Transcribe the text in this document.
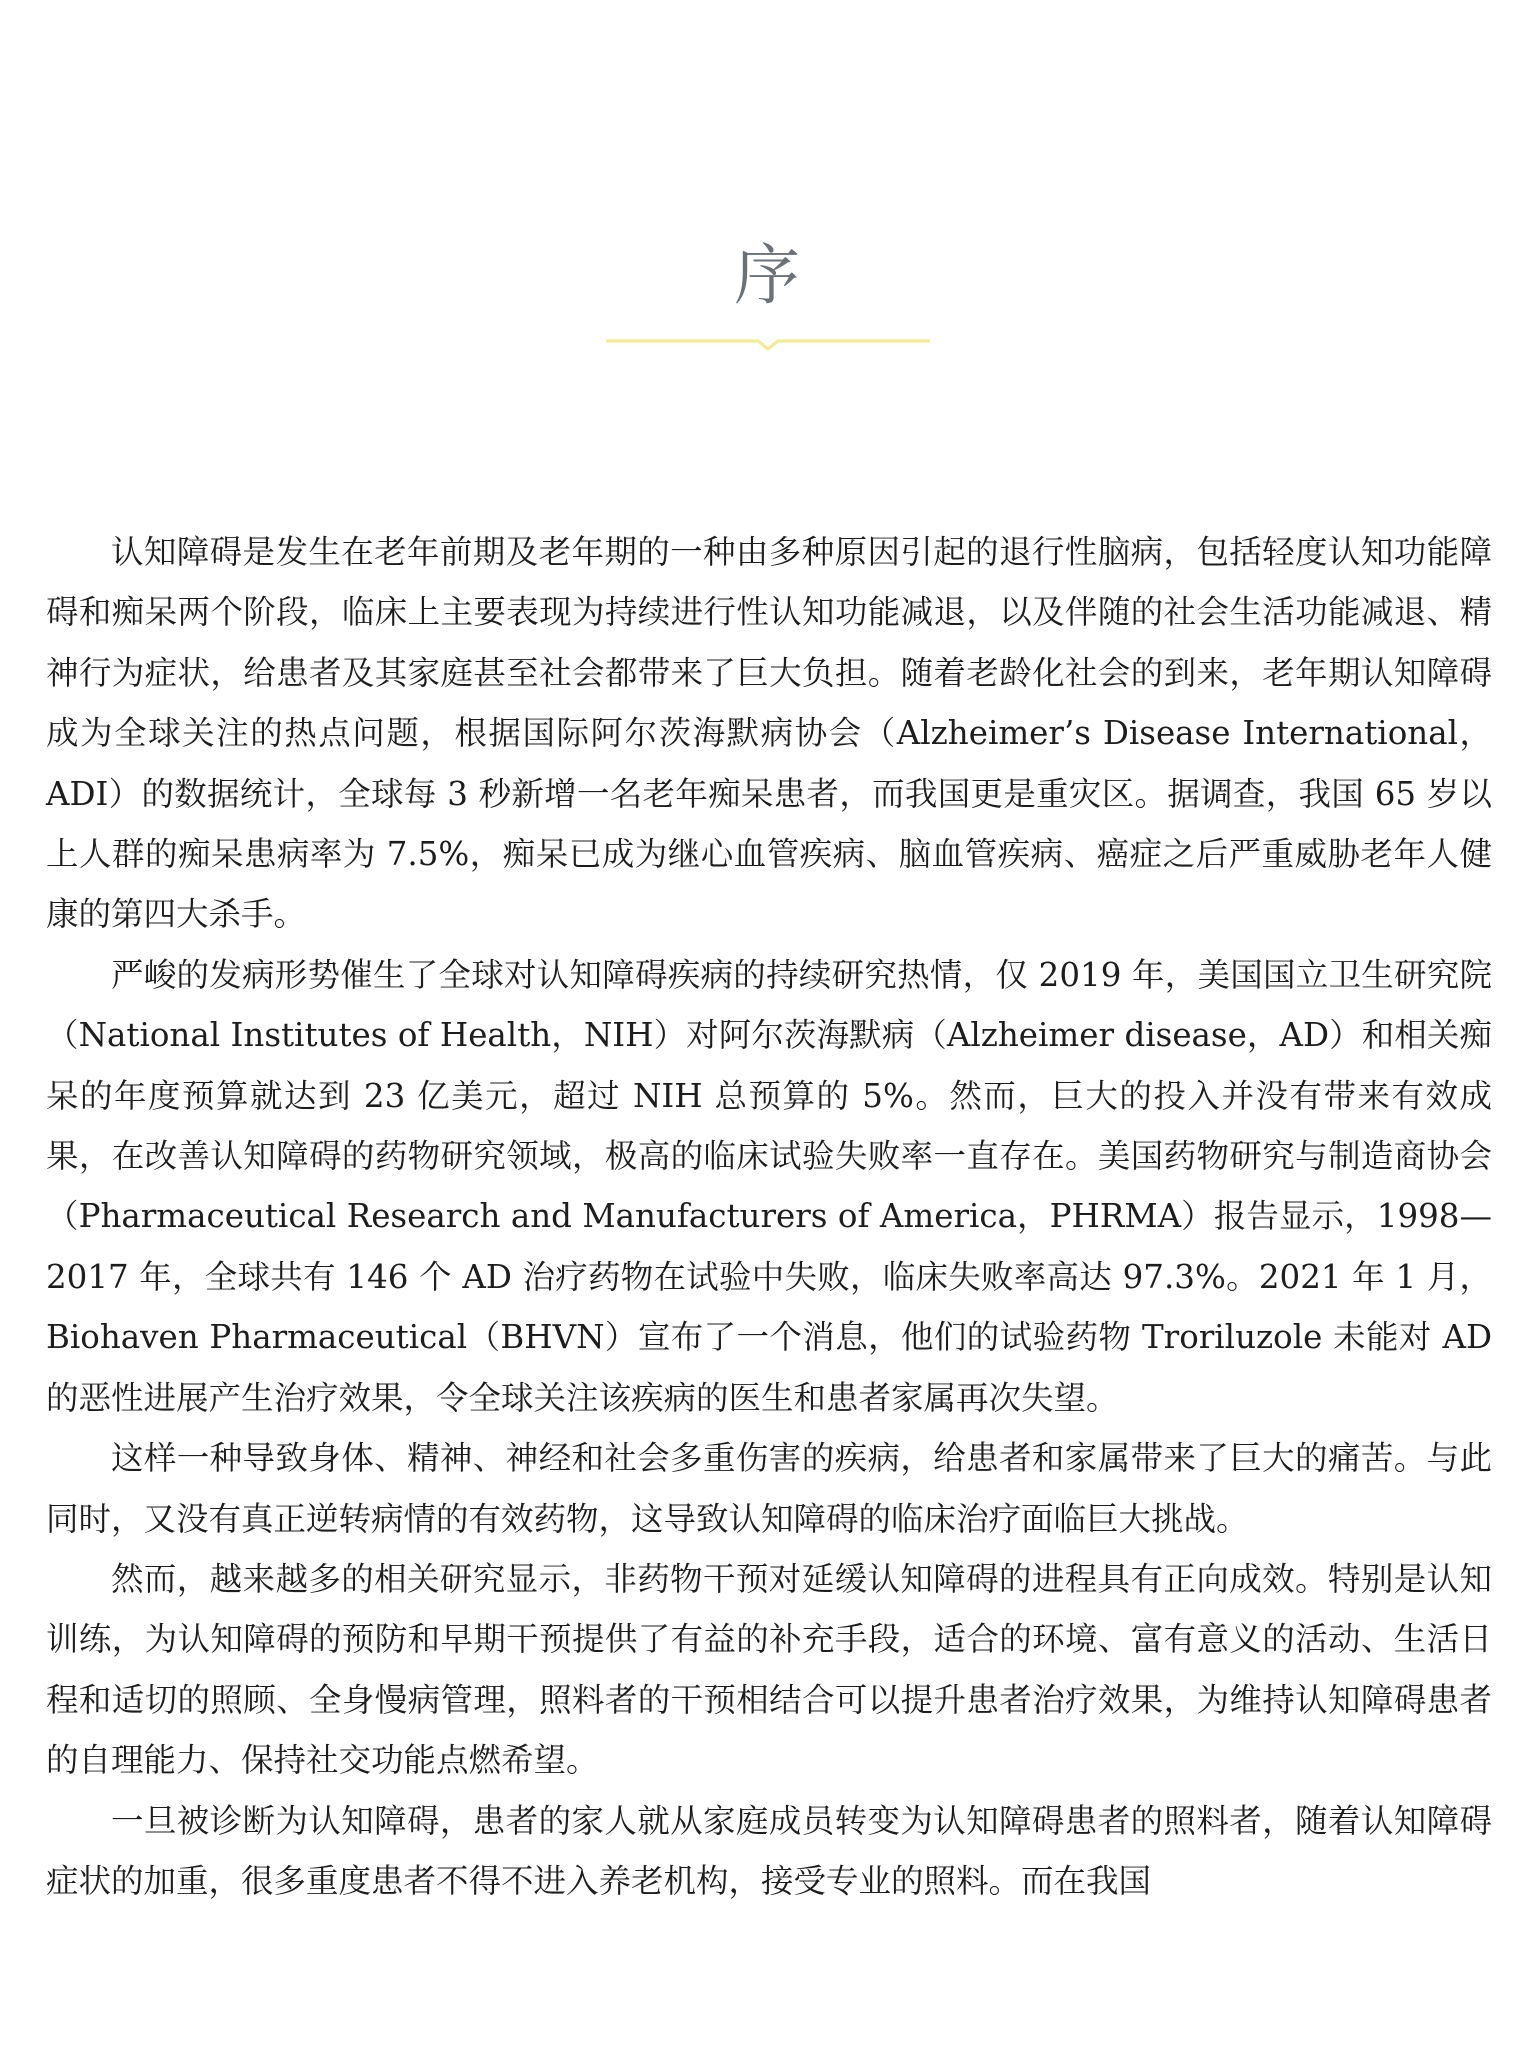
序

认知障碍是发生在老年前期及老年期的一种由多种原因引起的退行性脑病，包括轻度认知功能障碍和痴呆两个阶段，临床上主要表现为持续进行性认知功能减退，以及伴随的社会生活功能减退、精神行为症状，给患者及其家庭甚至社会都带来了巨大负担。随着老龄化社会的到来，老年期认知障碍成为全球关注的热点问题，根据国际阿尔茨海默病协会（Alzheimer’s Disease International，ADI）的数据统计，全球每 3 秒新增一名老年痴呆患者，而我国更是重灾区。据调查，我国 65 岁以上人群的痴呆患病率为 7.5%，痴呆已成为继心血管疾病、脑血管疾病、癌症之后严重威胁老年人健康的第四大杀手。

严峻的发病形势催生了全球对认知障碍疾病的持续研究热情，仅 2019 年，美国国立卫生研究院（National Institutes of Health，NIH）对阿尔茨海默病（Alzheimer disease，AD）和相关痴呆的年度预算就达到 23 亿美元，超过 NIH 总预算的 5%。然而，巨大的投入并没有带来有效成果，在改善认知障碍的药物研究领域，极高的临床试验失败率一直存在。美国药物研究与制造商协会（Pharmaceutical Research and Manufacturers of America，PHRMA）报告显示，1998—2017 年，全球共有 146 个 AD 治疗药物在试验中失败，临床失败率高达 97.3%。2021 年 1 月，Biohaven Pharmaceutical（BHVN）宣布了一个消息，他们的试验药物 Troriluzole 未能对 AD 的恶性进展产生治疗效果，令全球关注该疾病的医生和患者家属再次失望。

这样一种导致身体、精神、神经和社会多重伤害的疾病，给患者和家属带来了巨大的痛苦。与此同时，又没有真正逆转病情的有效药物，这导致认知障碍的临床治疗面临巨大挑战。

然而，越来越多的相关研究显示，非药物干预对延缓认知障碍的进程具有正向成效。特别是认知训练，为认知障碍的预防和早期干预提供了有益的补充手段，适合的环境、富有意义的活动、生活日程和适切的照顾、全身慢病管理，照料者的干预相结合可以提升患者治疗效果，为维持认知障碍患者的自理能力、保持社交功能点燃希望。

一旦被诊断为认知障碍，患者的家人就从家庭成员转变为认知障碍患者的照料者，随着认知障碍症状的加重，很多重度患者不得不进入养老机构，接受专业的照料。而在我国
